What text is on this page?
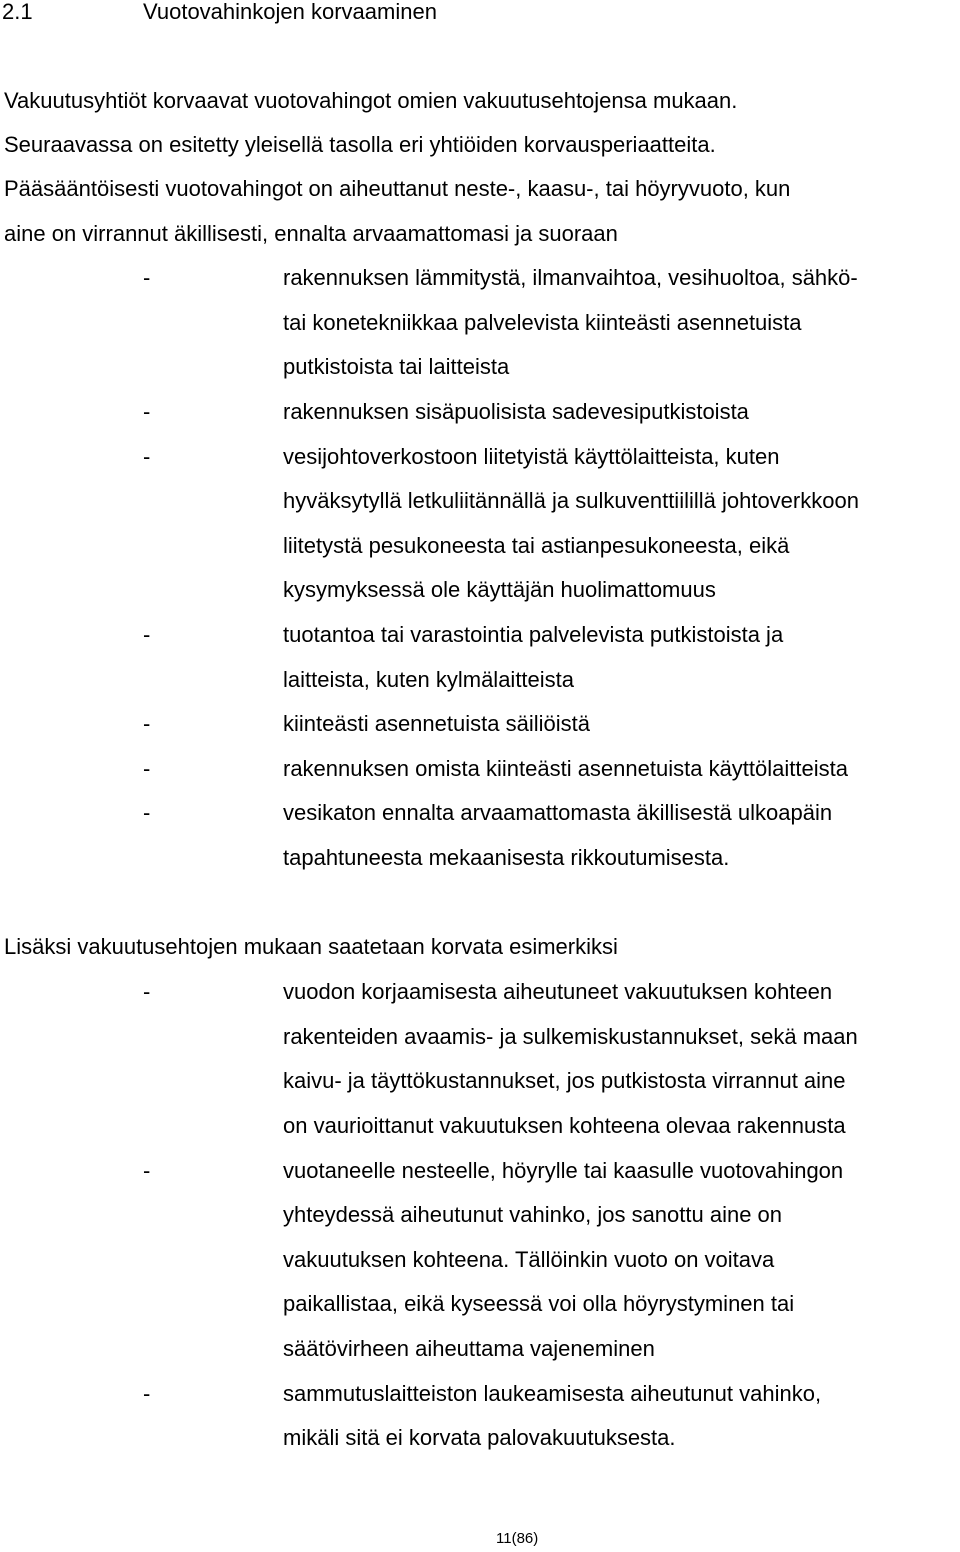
2.1	Vuotovahinkojen korvaaminen
Vakuutusyhtiöt korvaavat vuotovahingot omien vakuutusehtojensa mukaan.
Seuraavassa on esitetty yleisellä tasolla eri yhtiöiden korvausperiaatteita.
Pääsääntöisesti vuotovahingot on aiheuttanut neste-, kaasu-, tai höyryvuoto, kun
aine on virrannut äkillisesti, ennalta arvaamattomasi ja suoraan
-	rakennuksen lämmitystä, ilmanvaihtoa, vesihuoltoa, sähkö-
tai konetekniikkaa palvelevista kiinteästi asennetuista
putkistoista tai laitteista
-	rakennuksen sisäpuolisista sadevesiputkistoista
-	vesijohtoverkostoon liitetyistä käyttölaitteista, kuten
hyväksytyllä letkuliitännällä ja sulkuventtiilillä johtoverkkoon
liitetystä pesukoneesta tai astianpesukoneesta, eikä
kysymyksessä ole käyttäjän huolimattomuus
-	tuotantoa tai varastointia palvelevista putkistoista ja
laitteista, kuten kylmälaitteista
-	kiinteästi asennetuista säiliöistä
-	rakennuksen omista kiinteästi asennetuista käyttölaitteista
-	vesikaton ennalta arvaamattomasta äkillisestä ulkoapäin
tapahtuneesta mekaanisesta rikkoutumisesta.
Lisäksi vakuutusehtojen mukaan saatetaan korvata esimerkiksi
-	vuodon korjaamisesta aiheutuneet vakuutuksen kohteen
rakenteiden avaamis- ja sulkemiskustannukset, sekä maan
kaivu- ja täyttökustannukset, jos putkistosta virrannut aine
on vaurioittanut vakuutuksen kohteena olevaa rakennusta
-	vuotaneelle nesteelle, höyrylle tai kaasulle vuotovahingon
yhteydessä aiheutunut vahinko, jos sanottu aine on
vakuutuksen kohteena. Tällöinkin vuoto on voitava
paikallistaa, eikä kyseessä voi olla höyrystyminen tai
säätövirheen aiheuttama vajeneminen
-	sammutuslaitteiston laukeamisesta aiheutunut vahinko,
mikäli sitä ei korvata palovakuutuksesta.
11(86)
